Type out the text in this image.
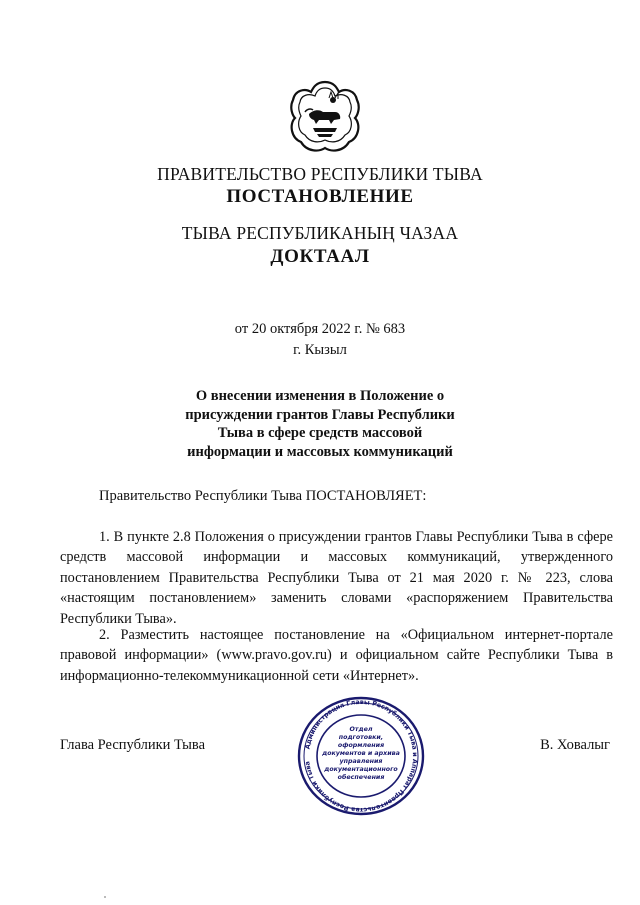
ПРАВИТЕЛЬСТВО РЕСПУБЛИКИ ТЫВА
ПОСТАНОВЛЕНИЕ
ТЫВА РЕСПУБЛИКАНЫҢ ЧАЗАА
ДОКТААЛ
от 20 октября 2022 г. № 683
г. Кызыл
О внесении изменения в Положение о
присуждении грантов Главы Республики
Тыва в сфере средств массовой
информации и массовых коммуникаций
Правительство Республики Тыва ПОСТАНОВЛЯЕТ:

1. В пункте 2.8 Положения о присуждении грантов Главы Республики Тыва в сфере средств массовой информации и массовых коммуникаций, утвержденного постановлением Правительства Республики Тыва от 21 мая 2020 г. № 223, слова «настоящим постановлением» заменить словами «распоряжением Правительства Республики Тыва».

2. Разместить настоящее постановление на «Официальном интернет-портале правовой информации» (www.pravo.gov.ru) и официальном сайте Республики Тыва в информационно-телекоммуникационной сети «Интернет».

Глава Республики Тыва	В. Ховалыг
Администрация Главы Республики Тыва и Аппарат Правительства Республики Тыва
Отдел
подготовки,
оформления
документов и архива
управления
документационного
обеспечения
